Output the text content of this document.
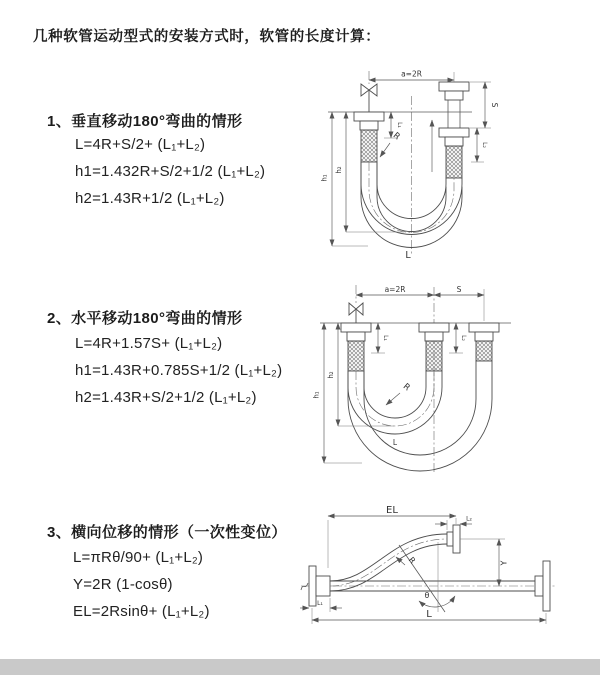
几种软管运动型式的安装方式时，软管的长度计算：
1、垂直移动180°弯曲的情形
L=4R+S/2+ (L₁+L₂)
h1=1.432R+S/2+1/2 (L₁+L₂)
h2=1.43R+1/2 (L₁+L₂)
2、水平移动180°弯曲的情形
L=4R+1.57S+ (L₁+L₂)
h1=1.43R+0.785S+1/2 (L₁+L₂)
h2=1.43R+S/2+1/2 (L₁+L₂)
3、横向位移的情形（一次性变位）
L=πRθ/90+ (L₁+L₂)
Y=2R (1-cosθ)
EL=2Rsinθ+ (L₁+L₂)
a=2R
S
L₂
L₁
h₂
h₁
R
L
a=2R	S
L₁	L₂
h₂
h₁
R
L
θ
EL
L₂
Y
R
L₁
L
